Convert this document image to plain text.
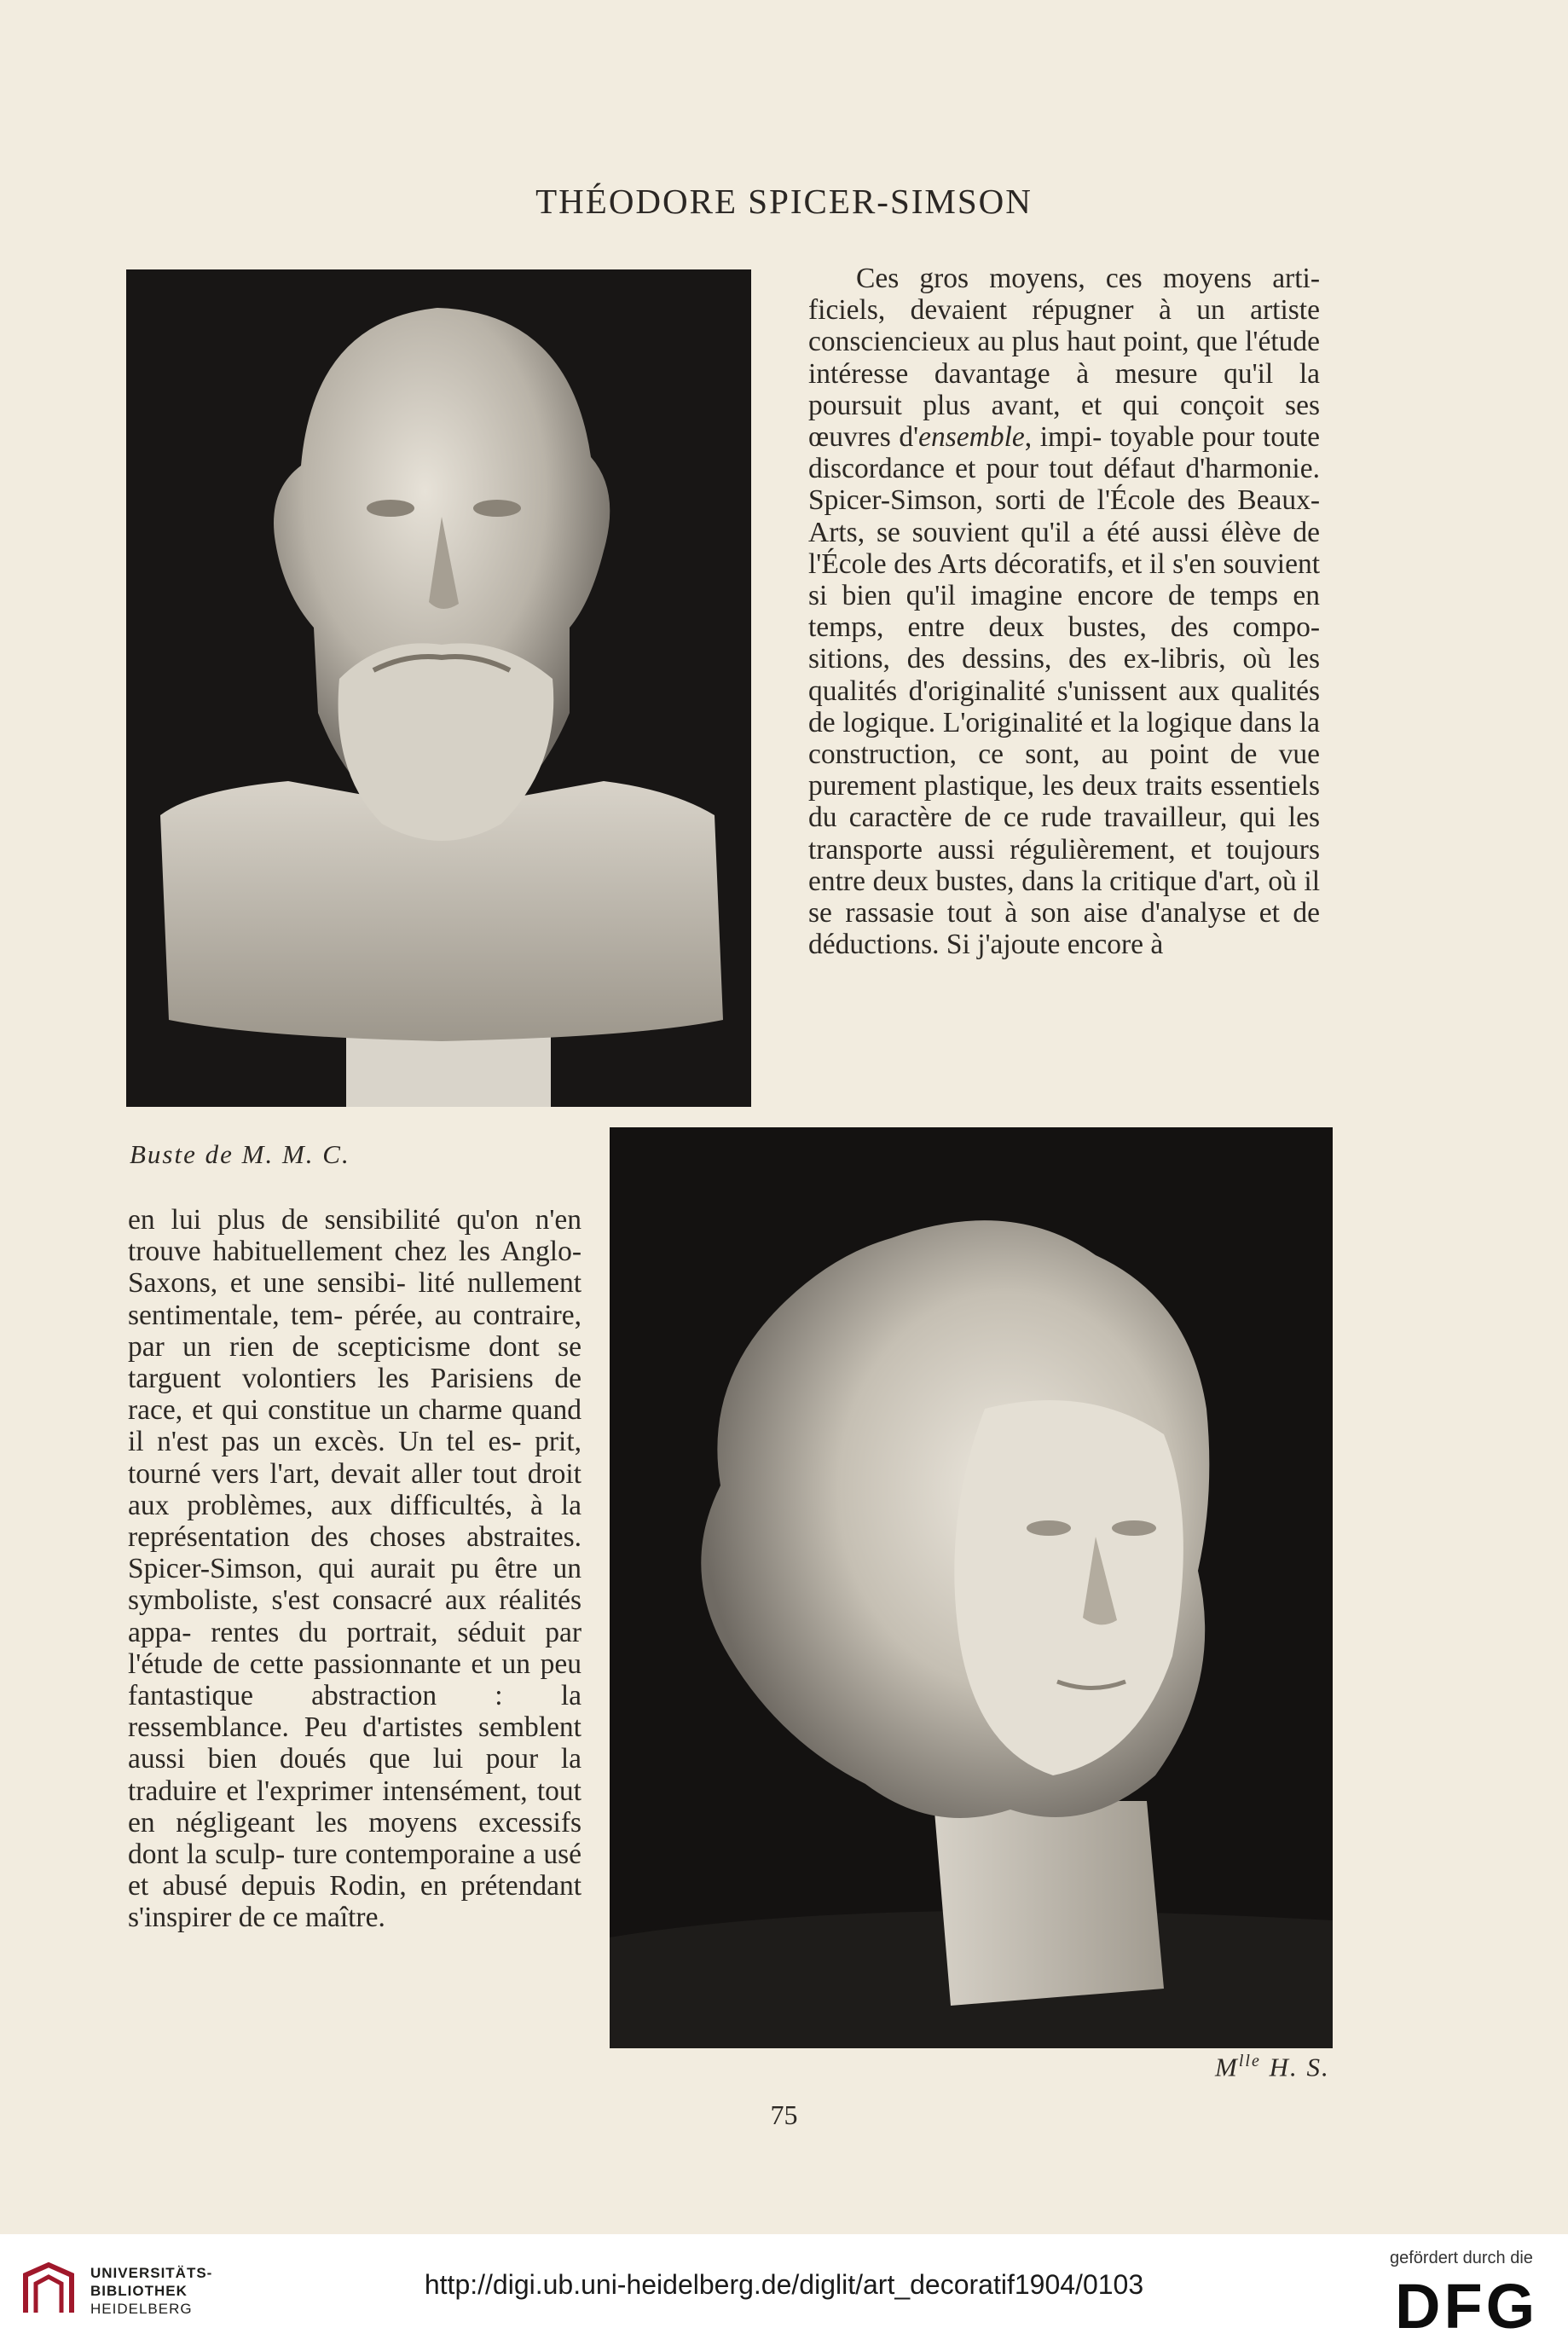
THÉODORE SPICER-SIMSON

Ces gros moyens, ces moyens arti- ficiels, devaient répugner à un artiste consciencieux au plus haut point, que l'étude intéresse davantage à mesure qu'il la poursuit plus avant, et qui conçoit ses œuvres d'ensemble, impi- toyable pour toute discordance et pour tout défaut d'harmonie. Spicer-Simson, sorti de l'École des Beaux-Arts, se souvient qu'il a été aussi élève de l'École des Arts décoratifs, et il s'en souvient si bien qu'il imagine encore de temps en temps, entre deux bustes, des compo- sitions, des dessins, des ex-libris, où les qualités d'originalité s'unissent aux qualités de logique. L'originalité et la logique dans la construction, ce sont, au point de vue purement plastique, les deux traits essentiels du caractère de ce rude travailleur, qui les transporte aussi régulièrement, et toujours entre deux bustes, dans la critique d'art, où il se rassasie tout à son aise d'analyse et de déductions. Si j'ajoute encore à

Buste de M. M. C.

en lui plus de sensibilité qu'on n'en trouve habituellement chez les Anglo-Saxons, et une sensibi- lité nullement sentimentale, tem- pérée, au contraire, par un rien de scepticisme dont se targuent volontiers les Parisiens de race, et qui constitue un charme quand il n'est pas un excès. Un tel es- prit, tourné vers l'art, devait aller tout droit aux problèmes, aux difficultés, à la représentation des choses abstraites. Spicer-Simson, qui aurait pu être un symboliste, s'est consacré aux réalités appa- rentes du portrait, séduit par l'étude de cette passionnante et un peu fantastique abstraction : la ressemblance. Peu d'artistes semblent aussi bien doués que lui pour la traduire et l'exprimer intensément, tout en négligeant les moyens excessifs dont la sculp- ture contemporaine a usé et abusé depuis Rodin, en prétendant s'inspirer de ce maître.

$M^{lle}$ H. S.
75
UNIVERSITÄTS-
BIBLIOTHEK
HEIDELBERG
http://digi.ub.uni-heidelberg.de/diglit/art_decoratif1904/0103
gefördert durch die
DFG
